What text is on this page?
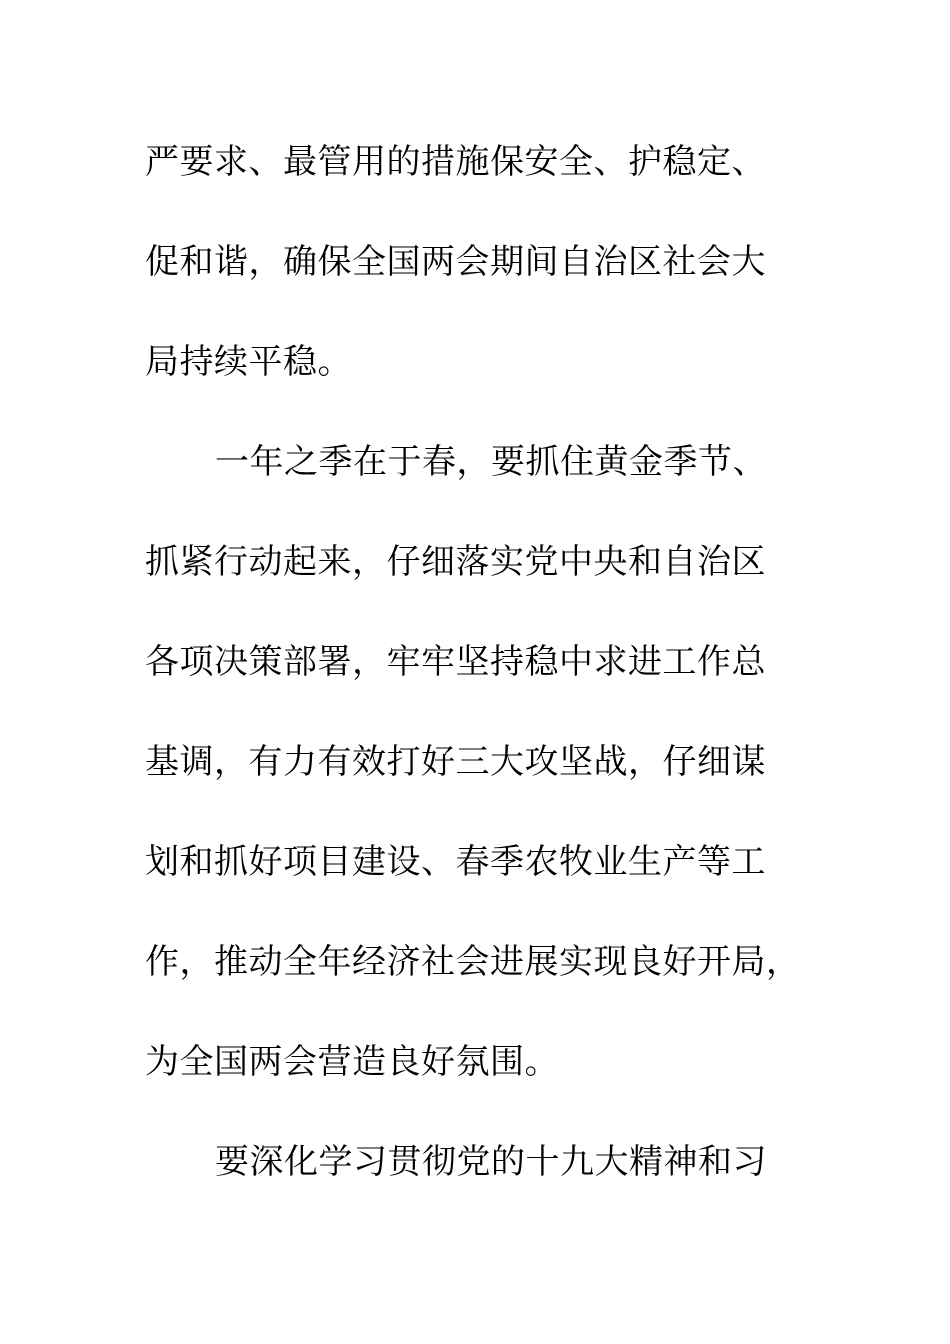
严要求、最管用的措施保安全、护稳定、
促和谐，确保全国两会期间自治区社会大
局持续平稳。
一年之季在于春，要抓住黄金季节、
抓紧行动起来，仔细落实党中央和自治区
各项决策部署，牢牢坚持稳中求进工作总
基调，有力有效打好三大攻坚战，仔细谋
划和抓好项目建设、春季农牧业生产等工
作，推动全年经济社会进展实现良好开局，
为全国两会营造良好氛围。
要深化学习贯彻党的十九大精神和习
